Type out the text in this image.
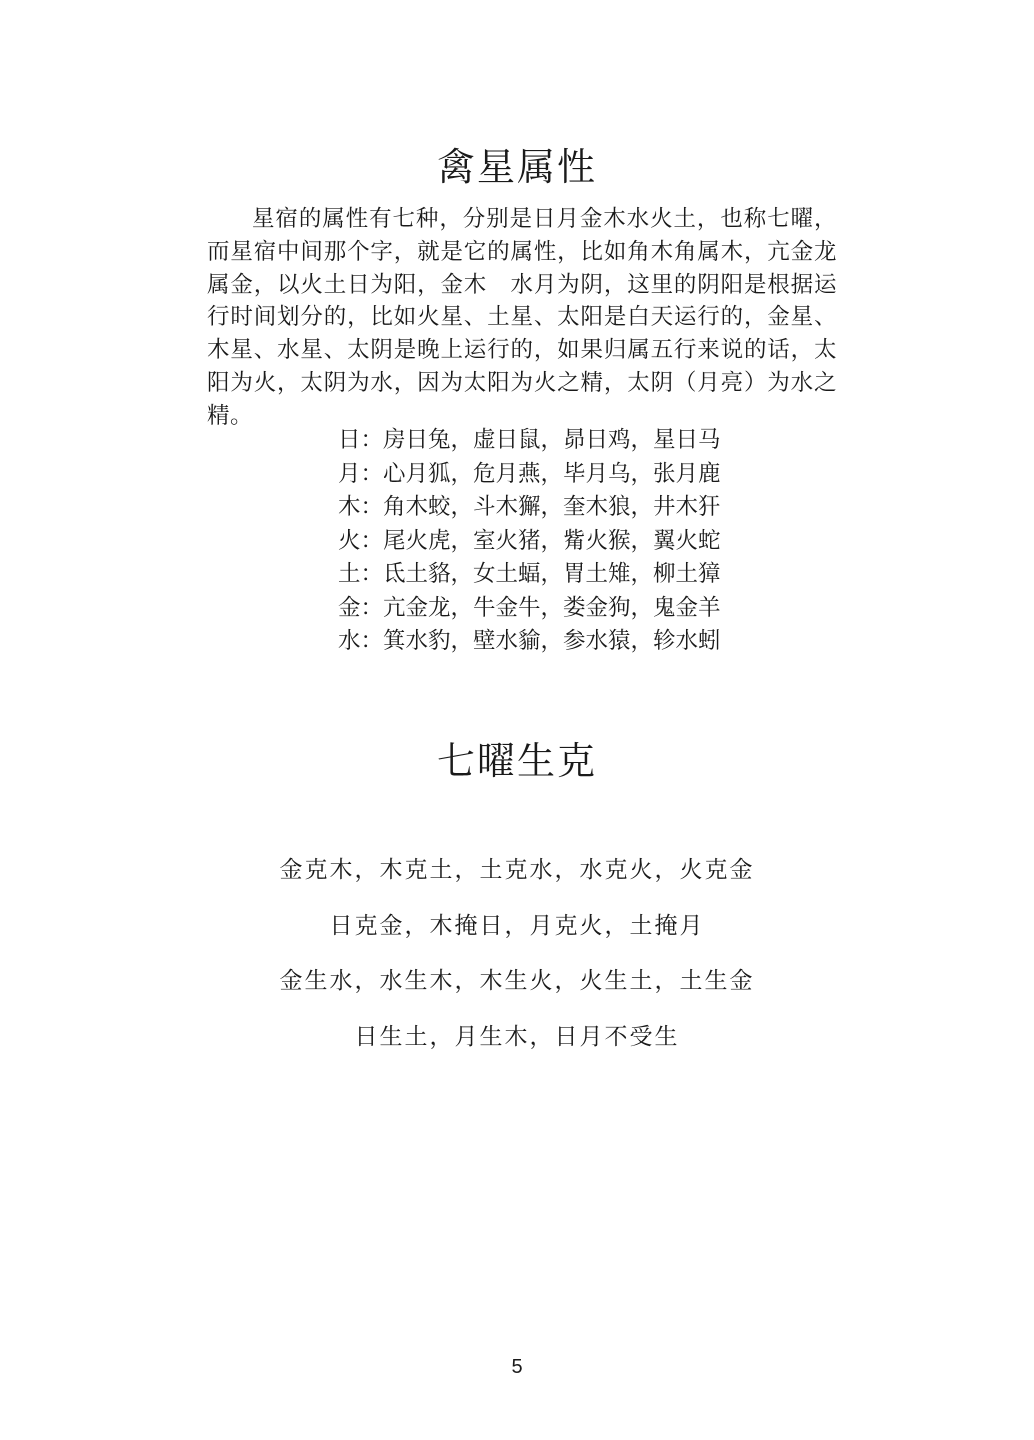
禽星属性

星宿的属性有七种，分别是日月金木水火土，也称七曜，而星宿中间那个字，就是它的属性，比如角木角属木，亢金龙属金，以火土日为阳，金木　水月为阴，这里的阴阳是根据运行时间划分的，比如火星、土星、太阳是白天运行的，金星、木星、水星、太阴是晚上运行的，如果归属五行来说的话，太阳为火，太阴为水，因为太阳为火之精，太阴（月亮）为水之精。

日：房日兔，虚日鼠，昴日鸡，星日马
月：心月狐，危月燕，毕月乌，张月鹿
木：角木蛟，斗木獬，奎木狼，井木犴
火：尾火虎，室火猪，觜火猴，翼火蛇
土：氐土貉，女土蝠，胃土雉，柳土獐
金：亢金龙，牛金牛，娄金狗，鬼金羊
水：箕水豹，壁水貐，参水猿，轸水蚓
七曜生克
金克木，木克土，土克水，水克火，火克金
日克金，木掩日，月克火，土掩月
金生水，水生木，木生火，火生土，土生金
日生土，月生木，日月不受生
5
